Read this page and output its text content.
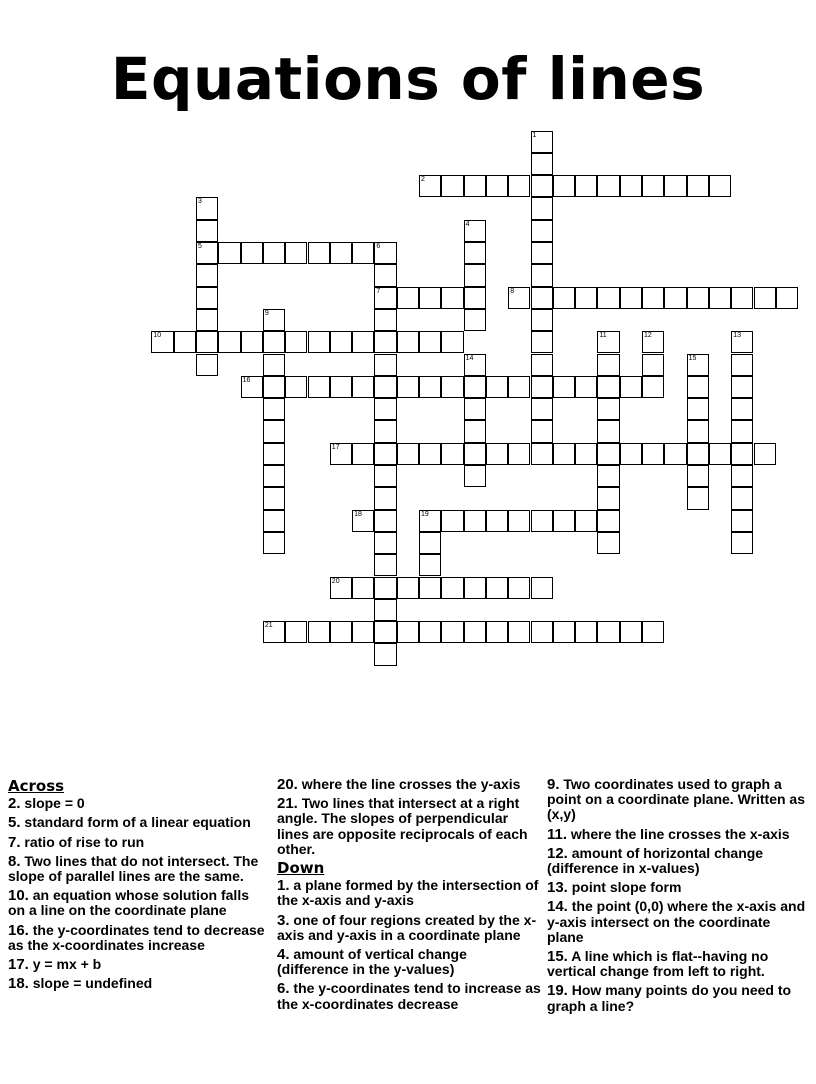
Equations of lines
1
2
3
5
4
6
7	8
9
10	11	12	13
14	15
16
17
18	19
20
21
Across
2. slope = 0
5. standard form of a linear equation
7. ratio of rise to run
8. Two lines that do not intersect. The slope of parallel lines are the same.
10. an equation whose solution falls on a line on the coordinate plane
16. the y-coordinates tend to decrease as the x-coordinates increase
17. y = mx + b
18. slope = undefined
20. where the line crosses the y-axis
21. Two lines that intersect at a right angle. The slopes of perpendicular lines are opposite reciprocals of each other.
Down
1. a plane formed by the intersection of the x-axis and y-axis
3. one of four regions created by the x-axis and y-axis in a coordinate plane
4. amount of vertical change (difference in the y-values)
6. the y-coordinates tend to increase as the x-coordinates decrease
9. Two coordinates used to graph a point on a coordinate plane. Written as (x,y)
11. where the line crosses the x-axis
12. amount of horizontal change (difference in x-values)
13. point slope form
14. the point (0,0) where the x-axis and y-axis intersect on the coordinate plane
15. A line which is flat--having no vertical change from left to right.
19. How many points do you need to graph a line?
